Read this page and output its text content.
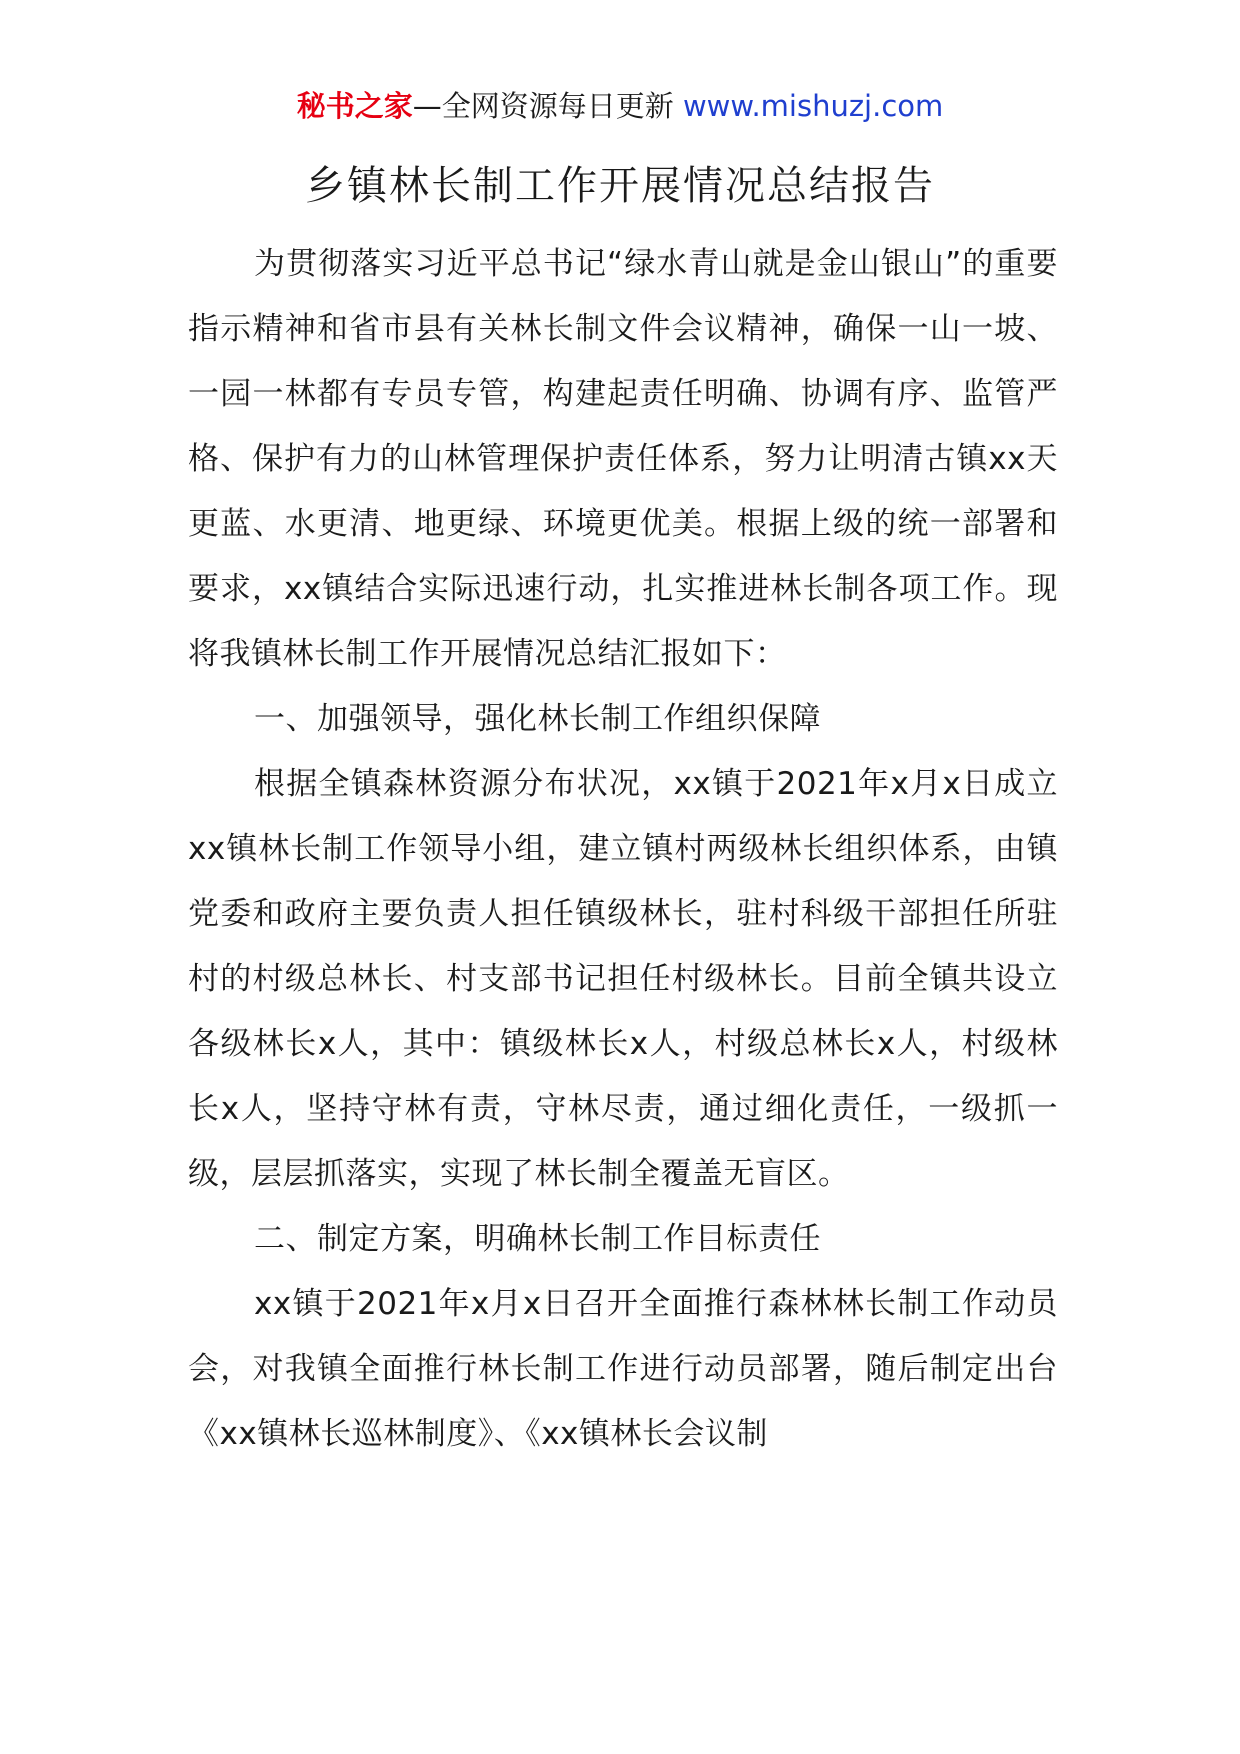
秘书之家—全网资源每日更新 www.mishuzj.com
乡镇林长制工作开展情况总结报告

为贯彻落实习近平总书记“绿水青山就是金山银山”的重要指示精神和省市县有关林长制文件会议精神，确保一山一坡、一园一林都有专员专管，构建起责任明确、协调有序、监管严格、保护有力的山林管理保护责任体系，努力让明清古镇xx天更蓝、水更清、地更绿、环境更优美。根据上级的统一部署和要求，xx镇结合实际迅速行动，扎实推进林长制各项工作。现将我镇林长制工作开展情况总结汇报如下：

一、加强领导，强化林长制工作组织保障

根据全镇森林资源分布状况，xx镇于2021年x月x日成立xx镇林长制工作领导小组，建立镇村两级林长组织体系，由镇党委和政府主要负责人担任镇级林长，驻村科级干部担任所驻村的村级总林长、村支部书记担任村级林长。目前全镇共设立各级林长x人，其中：镇级林长x人，村级总林长x人，村级林长x人，坚持守林有责，守林尽责，通过细化责任，一级抓一级，层层抓落实，实现了林长制全覆盖无盲区。

二、制定方案，明确林长制工作目标责任

xx镇于2021年x月x日召开全面推行森林林长制工作动员会，对我镇全面推行林长制工作进行动员部署，随后制定出台《xx镇林长巡林制度》、《xx镇林长会议制
